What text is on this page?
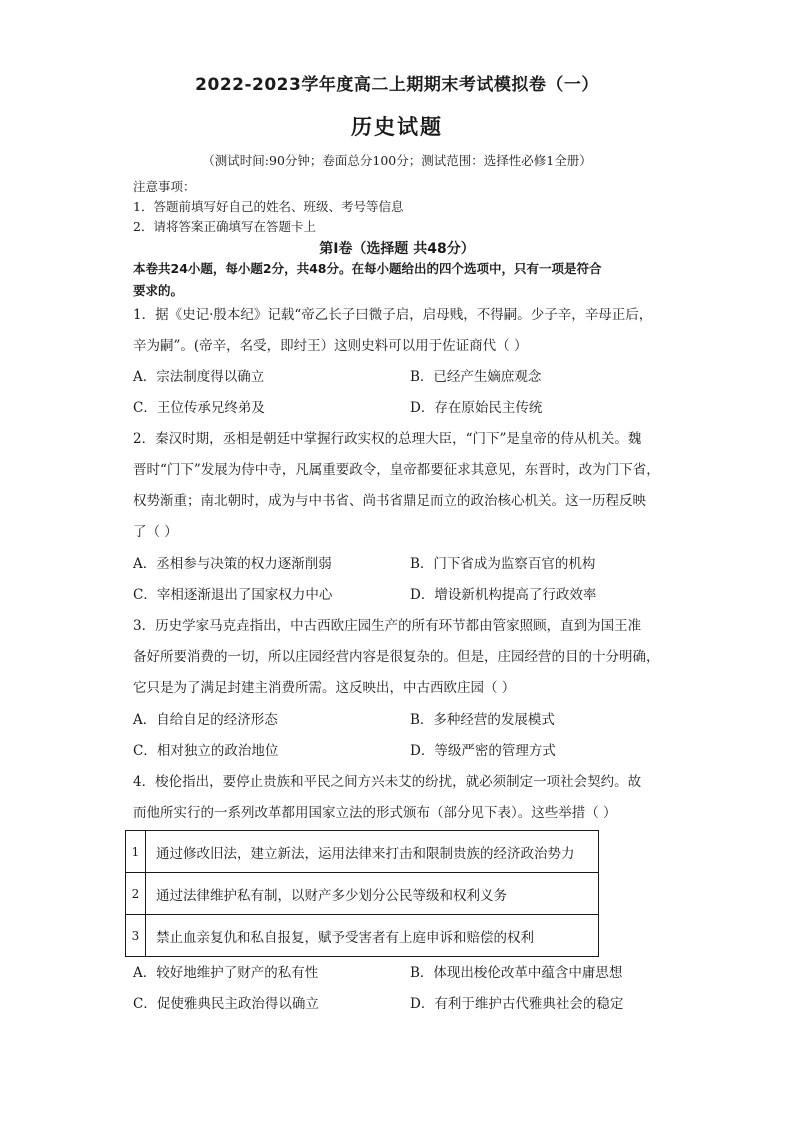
2022-2023学年度高二上期期末考试模拟卷（一）
历史试题
（测试时间:90分钟；卷面总分100分；测试范围：选择性必修1全册）
注意事项：
1．答题前填写好自己的姓名、班级、考号等信息
2．请将答案正确填写在答题卡上
第I卷（选择题 共48分）
本卷共24小题，每小题2分，共48分。在每小题给出的四个选项中，只有一项是符合
要求的。
1．据《史记·殷本纪》记载“帝乙长子曰微子启，启母贱，不得嗣。少子辛，辛母正后，
辛为嗣”。(帝辛，名受，即纣王）这则史料可以用于佐证商代（ ）
A．宗法制度得以确立	B．已经产生嫡庶观念
C．王位传承兄终弟及	D．存在原始民主传统
2．秦汉时期，丞相是朝廷中掌握行政实权的总理大臣，“门下”是皇帝的侍从机关。魏
晋时“门下”发展为侍中寺，凡属重要政令，皇帝都要征求其意见，东晋时，改为门下省，
权势渐重；南北朝时，成为与中书省、尚书省鼎足而立的政治核心机关。这一历程反映
了（ ）
A．丞相参与决策的权力逐渐削弱	B．门下省成为监察百官的机构
C．宰相逐渐退出了国家权力中心	D．增设新机构提高了行政效率
3．历史学家马克垚指出，中古西欧庄园生产的所有环节都由管家照顾，直到为国王准
备好所要消费的一切，所以庄园经营内容是很复杂的。但是，庄园经营的目的十分明确，
它只是为了满足封建主消费所需。这反映出，中古西欧庄园（ ）
A．自给自足的经济形态	B．多种经营的发展模式
C．相对独立的政治地位	D．等级严密的管理方式
4．梭伦指出，要停止贵族和平民之间方兴未艾的纷扰，就必须制定一项社会契约。故
而他所实行的一系列改革都用国家立法的形式颁布（部分见下表）。这些举措（ ）
1	通过修改旧法，建立新法，运用法律来打击和限制贵族的经济政治势力
2	通过法律维护私有制，以财产多少划分公民等级和权利义务
3	禁止血亲复仇和私自报复，赋予受害者有上庭申诉和赔偿的权利
A．较好地维护了财产的私有性	B．体现出梭伦改革中蕴含中庸思想
C．促使雅典民主政治得以确立	D．有利于维护古代雅典社会的稳定
